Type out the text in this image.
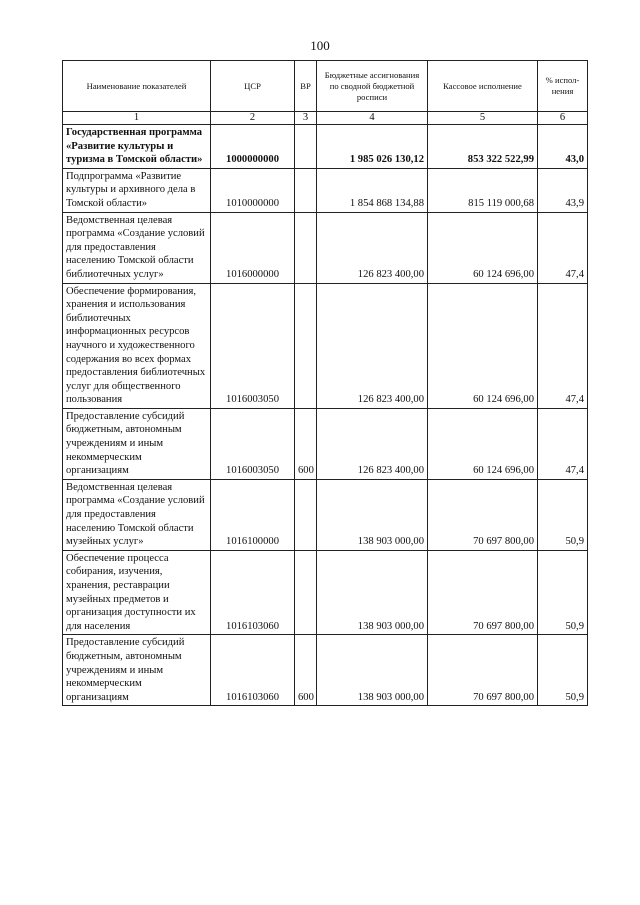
100
Наименование показателей	ЦСР	ВР	Бюджетные ассигнования по сводной бюджетной росписи	Кассовое исполнение	% испол-нения
1	2	3	4	5	6
Государственная программа «Развитие культуры и туризма в Томской области»	1000000000		1 985 026 130,12	853 322 522,99	43,0
Подпрограмма «Развитие культуры и архивного дела в Томской области»	1010000000		1 854 868 134,88	815 119 000,68	43,9
Ведомственная целевая программа «Создание условий для предоставления населению Томской области библиотечных услуг»	1016000000		126 823 400,00	60 124 696,00	47,4
Обеспечение формирования, хранения и использования библиотечных информационных ресурсов научного и художественного содержания во всех формах предоставления библиотечных услуг для общественного пользования	1016003050		126 823 400,00	60 124 696,00	47,4
Предоставление субсидий бюджетным, автономным учреждениям и иным некоммерческим организациям	1016003050	600	126 823 400,00	60 124 696,00	47,4
Ведомственная целевая программа «Создание условий для предоставления населению Томской области музейных услуг»	1016100000		138 903 000,00	70 697 800,00	50,9
Обеспечение процесса собирания, изучения, хранения, реставрации музейных предметов и организация доступности их для населения	1016103060		138 903 000,00	70 697 800,00	50,9
Предоставление субсидий бюджетным, автономным учреждениям и иным некоммерческим организациям	1016103060	600	138 903 000,00	70 697 800,00	50,9
